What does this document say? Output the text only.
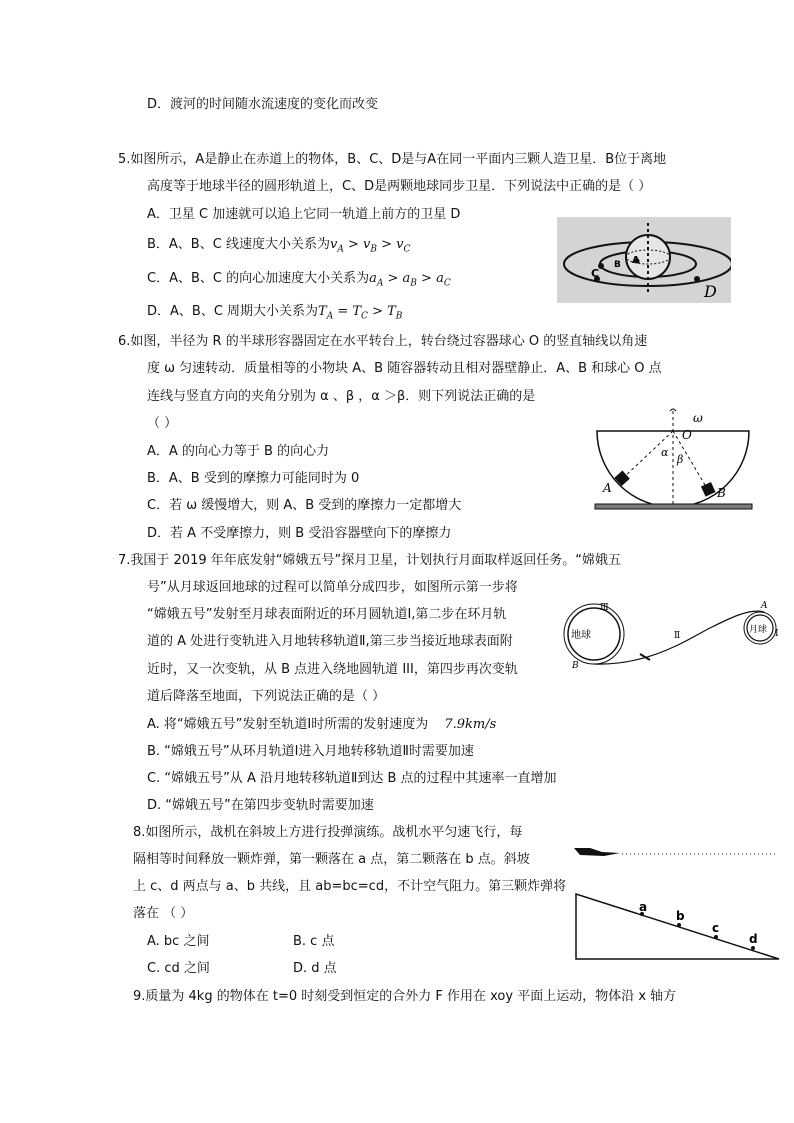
D．渡河的时间随水流速度的变化而改变
5.如图所示，A是静止在赤道上的物体，B、C、D是与A在同一平面内三颗人造卫星．B位于离地
高度等于地球半径的圆形轨道上，C、D是两颗地球同步卫星．下列说法中正确的是（ ）
A．卫星 C 加速就可以追上它同一轨道上前方的卫星 D
B．A、B、C 线速度大小关系为$v_A > v_B > v_C$
C．A、B、C 的向心加速度大小关系为$a_A > a_B > a_C$
D．A、B、C 周期大小关系为$T_A = T_C > T_B$
A
B
C
D
6.如图，半径为 R 的半球形容器固定在水平转台上，转台绕过容器球心 O 的竖直轴线以角速
度 ω 匀速转动．质量相等的小物块 A、B 随容器转动且相对器壁静止．A、B 和球心 O 点
连线与竖直方向的夹角分别为 α 、β ，α ＞β．则下列说法正确的是
（ ）
A．A 的向心力等于 B 的向心力
B．A、B 受到的摩擦力可能同时为 0
C．若 ω 缓慢增大，则 A、B 受到的摩擦力一定都增大
D．若 A 不受摩擦力，则 B 受沿容器壁向下的摩擦力
ω
O
α
β
A	B
7.我国于 2019 年年底发射“嫦娥五号”探月卫星，计划执行月面取样返回任务。“嫦娥五
号”从月球返回地球的过程可以简单分成四步，如图所示第一步将
“嫦娥五号”发射至月球表面附近的环月圆轨道Ⅰ,第二步在环月轨
道的 A 处进行变轨进入月地转移轨道Ⅱ,第三步当接近地球表面附
近时，又一次变轨，从 B 点进入绕地圆轨道 III，第四步再次变轨
道后降落至地面，下列说法正确的是（ ）
A. 将“嫦娥五号”发射至轨道Ⅰ时所需的发射速度为 7.9km/s
B. “嫦娥五号”从环月轨道Ⅰ进入月地转移轨道Ⅱ时需要加速
C. “嫦娥五号”从 A 沿月地转移轨道Ⅱ到达 B 点的过程中其速率一直增加
D. “嫦娥五号”在第四步变轨时需要加速
地球	月球
Ⅲ
Ⅱ	Ⅰ
A
B
8.如图所示，战机在斜坡上方进行投弹演练。战机水平匀速飞行，每
隔相等时间释放一颗炸弹，第一颗落在 a 点，第二颗落在 b 点。斜坡
上 c、d 两点与 a、b 共线，且 ab=bc=cd，不计空气阻力。第三颗炸弹将
落在 （ ）
A. bc 之间	B. c 点
C. cd 之间	D. d 点
a
b
c
d
9.质量为 4kg 的物体在 t=0 时刻受到恒定的合外力 F 作用在 xoy 平面上运动，物体沿 x 轴方
